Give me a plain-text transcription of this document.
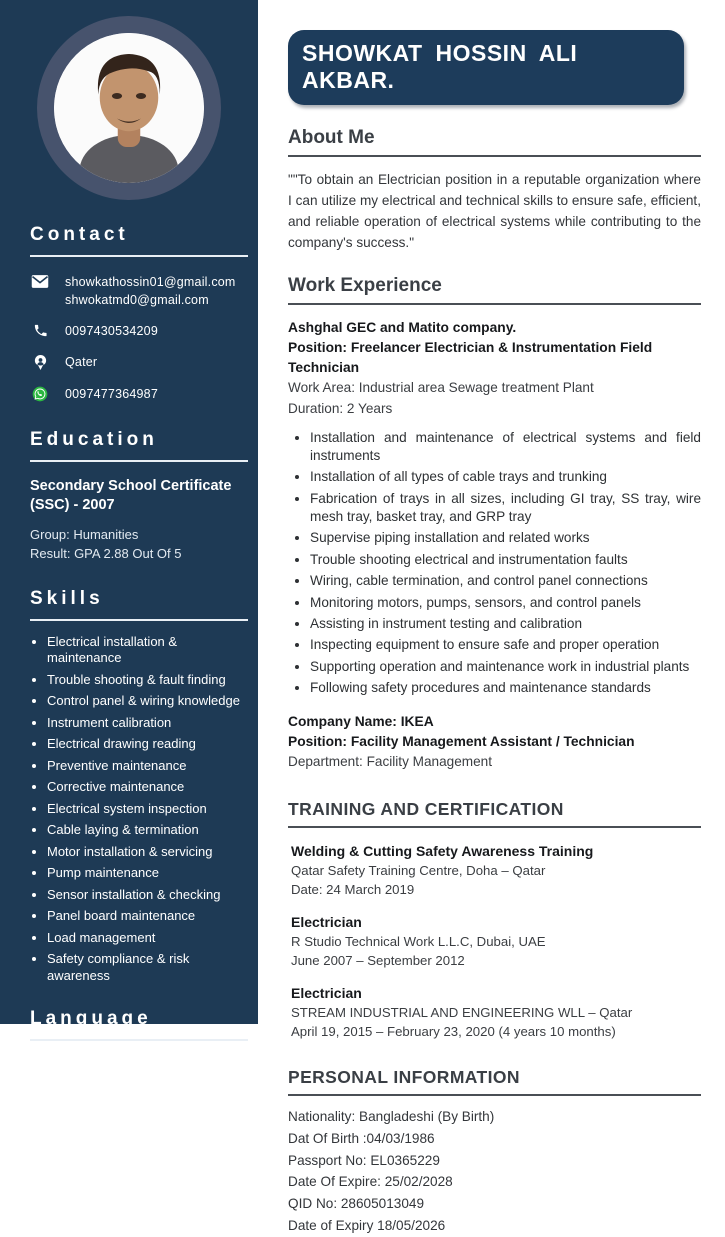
Contact
showkathossin01@gmail.com
shwokatmd0@gmail.com
0097430534209
Qater
0097477364987
Education
Secondary School Certificate (SSC) - 2007
Group: Humanities
Result: GPA 2.88 Out Of 5
Skills
• Electrical installation & maintenance
• Trouble shooting & fault finding
• Control panel & wiring knowledge
• Instrument calibration
• Electrical drawing reading
• Preventive maintenance
• Corrective maintenance
• Electrical system inspection
• Cable laying & termination
• Motor installation & servicing
• Pump maintenance
• Sensor installation & checking
• Panel board maintenance
• Load management
• Safety compliance & risk awareness
Language
English: (Professional)
Arabic (Intermediate )
Hindi: Good
Bengali: Native
SHOWKAT HOSSIN ALI AKBAR.
About Me

""To obtain an Electrician position in a reputable organization where I can utilize my electrical and technical skills to ensure safe, efficient, and reliable operation of electrical systems while contributing to the company's success."

Work Experience
Ashghal GEC and Matito company.
Position: Freelancer Electrician & Instrumentation Field Technician
Work Area: Industrial area Sewage treatment Plant
Duration: 2 Years
• Installation and maintenance of electrical systems and field instruments
• Installation of all types of cable trays and trunking
• Fabrication of trays in all sizes, including GI tray, SS tray, wire mesh tray, basket tray, and GRP tray
• Supervise piping installation and related works
• Trouble shooting electrical and instrumentation faults
• Wiring, cable termination, and control panel connections
• Monitoring motors, pumps, sensors, and control panels
• Assisting in instrument testing and calibration
• Inspecting equipment to ensure safe and proper operation
• Supporting operation and maintenance work in industrial plants
• Following safety procedures and maintenance standards
Company Name: IKEA
Position: Facility Management Assistant / Technician
Department: Facility Management
TRAINING AND CERTIFICATION
Welding & Cutting Safety Awareness Training
Qatar Safety Training Centre, Doha – Qatar
Date: 24 March 2019
Electrician
R Studio Technical Work L.L.C, Dubai, UAE
June 2007 – September 2012
Electrician
STREAM INDUSTRIAL AND ENGINEERING WLL – Qatar
April 19, 2015 – February 23, 2020 (4 years 10 months)
PERSONAL INFORMATION
Nationality: Bangladeshi (By Birth)
Dat Of Birth :04/03/1986
Passport No: EL0365229
Date Of Expire: 25/02/2028
QID No: 28605013049
Date of Expiry 18/05/2026
